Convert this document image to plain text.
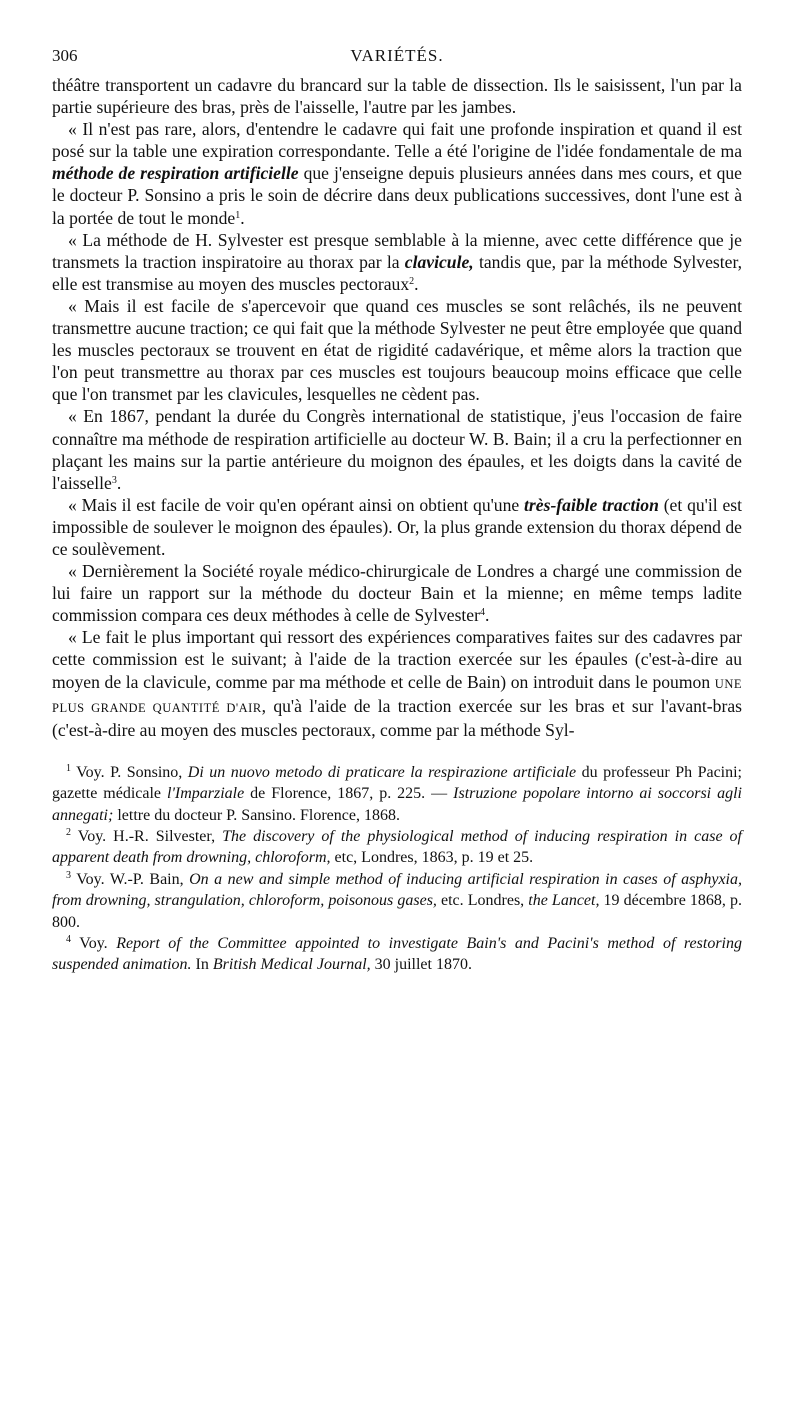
306	VARIÉTÉS.

théâtre transportent un cadavre du brancard sur la table de dissection. Ils le saisissent, l'un par la partie supérieure des bras, près de l'aisselle, l'autre par les jambes.

« Il n'est pas rare, alors, d'entendre le cadavre qui fait une profonde inspiration et quand il est posé sur la table une expiration correspondante. Telle a été l'origine de l'idée fondamentale de ma méthode de respiration artificielle que j'enseigne depuis plusieurs années dans mes cours, et que le docteur P. Sonsino a pris le soin de décrire dans deux publications successives, dont l'une est à la portée de tout le monde$^1$.

« La méthode de H. Sylvester est presque semblable à la mienne, avec cette différence que je transmets la traction inspiratoire au thorax par la clavicule, tandis que, par la méthode Sylvester, elle est transmise au moyen des muscles pectoraux$^2$.

« Mais il est facile de s'apercevoir que quand ces muscles se sont relâchés, ils ne peuvent transmettre aucune traction; ce qui fait que la méthode Sylvester ne peut être employée que quand les muscles pectoraux se trouvent en état de rigidité cadavérique, et même alors la traction que l'on peut transmettre au thorax par ces muscles est toujours beaucoup moins efficace que celle que l'on transmet par les clavicules, lesquelles ne cèdent pas.

« En 1867, pendant la durée du Congrès international de statistique, j'eus l'occasion de faire connaître ma méthode de respiration artificielle au docteur W. B. Bain; il a cru la perfectionner en plaçant les mains sur la partie antérieure du moignon des épaules, et les doigts dans la cavité de l'aisselle$^3$.

« Mais il est facile de voir qu'en opérant ainsi on obtient qu'une très-faible traction (et qu'il est impossible de soulever le moignon des épaules). Or, la plus grande extension du thorax dépend de ce soulèvement.

« Dernièrement la Société royale médico-chirurgicale de Londres a chargé une commission de lui faire un rapport sur la méthode du docteur Bain et la mienne; en même temps ladite commission compara ces deux méthodes à celle de Sylvester$^4$.

« Le fait le plus important qui ressort des expériences comparatives faites sur des cadavres par cette commission est le suivant; à l'aide de la traction exercée sur les épaules (c'est-à-dire au moyen de la clavicule, comme par ma méthode et celle de Bain) on introduit dans le poumon UNE PLUS GRANDE QUANTITÉ D'AIR, qu'à l'aide de la traction exercée sur les bras et sur l'avant-bras (c'est-à-dire au moyen des muscles pectoraux, comme par la méthode Syl-

$^1$ Voy. P. Sonsino, Di un nuovo metodo di praticare la respirazione artificiale du professeur Ph Pacini; gazette médicale l'Imparziale de Florence, 1867, p. 225. — Istruzione popolare intorno ai soccorsi agli annegati; lettre du docteur P. Sansino. Florence, 1868.

$^2$ Voy. H.-R. Silvester, The discovery of the physiological method of inducing respiration in case of apparent death from drowning, chloroform, etc, Londres, 1863, p. 19 et 25.

$^3$ Voy. W.-P. Bain, On a new and simple method of inducing artificial respiration in cases of asphyxia, from drowning, strangulation, chloroform, poisonous gases, etc. Londres, the Lancet, 19 décembre 1868, p. 800.

$^4$ Voy. Report of the Committee appointed to investigate Bain's and Pacini's method of restoring suspended animation. In British Medical Journal, 30 juillet 1870.
